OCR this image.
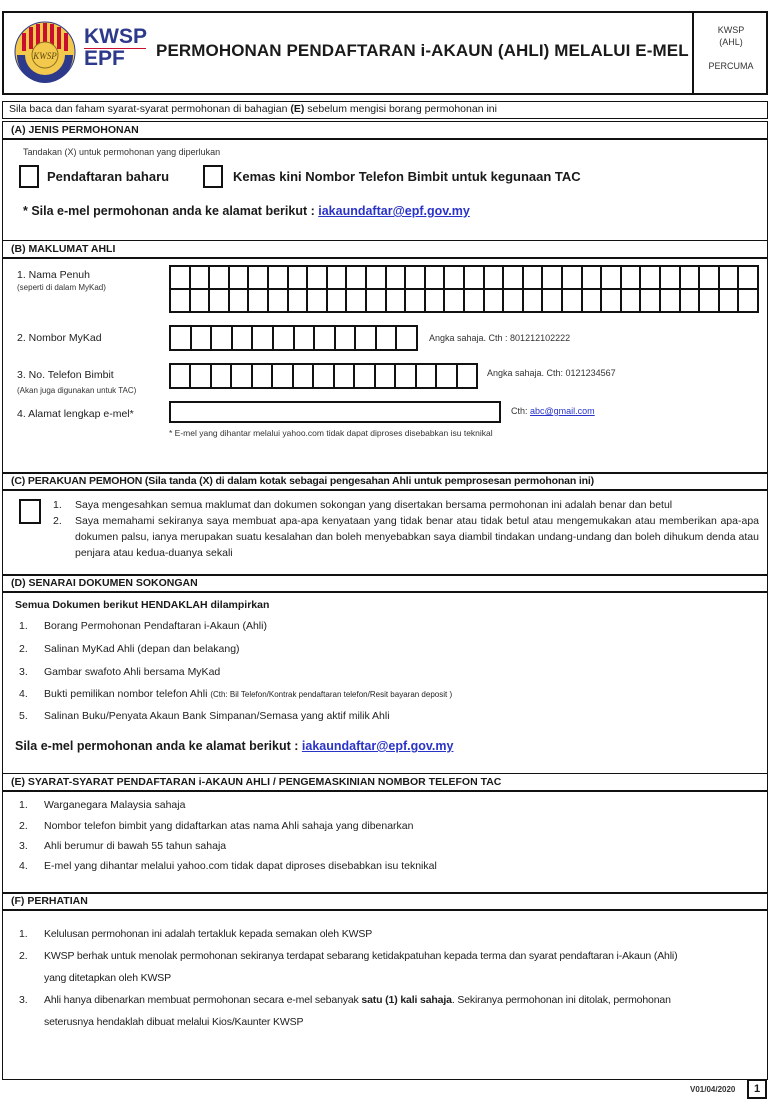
KWSP
KWSP
EPF	PERMOHONAN PENDAFTARAN i-AKAUN (AHLI) MELALUI E-MEL
KWSP
(AHL)
PERCUMA
Sila baca dan faham syarat-syarat permohonan di bahagian (E) sebelum mengisi borang permohonan ini
(A) JENIS PERMOHONAN
Tandakan (X) untuk permohonan yang diperlukan
Pendaftaran baharu	Kemas kini Nombor Telefon Bimbit untuk kegunaan TAC
* Sila e-mel permohonan anda ke alamat berikut : iakaundaftar@epf.gov.my
(B) MAKLUMAT AHLI
1. Nama Penuh
(seperti di dalam MyKad)
2. Nombor MyKad	Angka sahaja. Cth : 801212102222
3. No. Telefon Bimbit
(Akan juga digunakan untuk TAC)
Angka sahaja. Cth: 0121234567
4. Alamat lengkap e-mel*	Cth: abc@gmail.com
* E-mel yang dihantar melalui yahoo.com tidak dapat diproses disebabkan isu teknikal
(C) PERAKUAN PEMOHON (Sila tanda (X) di dalam kotak sebagai pengesahan Ahli untuk pemprosesan permohonan ini)
1. Saya mengesahkan semua maklumat dan dokumen sokongan yang disertakan bersama permohonan ini adalah benar dan betul
2. Saya memahami sekiranya saya membuat apa-apa kenyataan yang tidak benar atau tidak betul atau mengemukakan atau memberikan apa-apa dokumen palsu, ianya merupakan suatu kesalahan dan boleh menyebabkan saya diambil tindakan undang-undang dan boleh dihukum denda atau penjara atau kedua-duanya sekali
(D) SENARAI DOKUMEN SOKONGAN
Semua Dokumen berikut HENDAKLAH dilampirkan
1.	Borang Permohonan Pendaftaran i-Akaun (Ahli)
2.	Salinan MyKad Ahli (depan dan belakang)
3.	Gambar swafoto Ahli bersama MyKad
4.	Bukti pemilikan nombor telefon Ahli (Cth: Bil Telefon/Kontrak pendaftaran telefon/Resit bayaran deposit )
5.	Salinan Buku/Penyata Akaun Bank Simpanan/Semasa yang aktif milik Ahli
Sila e-mel permohonan anda ke alamat berikut : iakaundaftar@epf.gov.my
(E) SYARAT-SYARAT PENDAFTARAN i-AKAUN AHLI / PENGEMASKINIAN NOMBOR TELEFON TAC
1.	Warganegara Malaysia sahaja
2.	Nombor telefon bimbit yang didaftarkan atas nama Ahli sahaja yang dibenarkan
3.	Ahli berumur di bawah 55 tahun sahaja
4.	E-mel yang dihantar melalui yahoo.com tidak dapat diproses disebabkan isu teknikal
(F) PERHATIAN
1.	Kelulusan permohonan ini adalah tertakluk kepada semakan oleh KWSP
2.	KWSP berhak untuk menolak permohonan sekiranya terdapat sebarang ketidakpatuhan kepada terma dan syarat pendaftaran i-Akaun (Ahli)
yang ditetapkan oleh KWSP
3.	Ahli hanya dibenarkan membuat permohonan secara e-mel sebanyak satu (1) kali sahaja. Sekiranya permohonan ini ditolak, permohonan
seterusnya hendaklah dibuat melalui Kios/Kaunter KWSP
V01/04/2020	1
